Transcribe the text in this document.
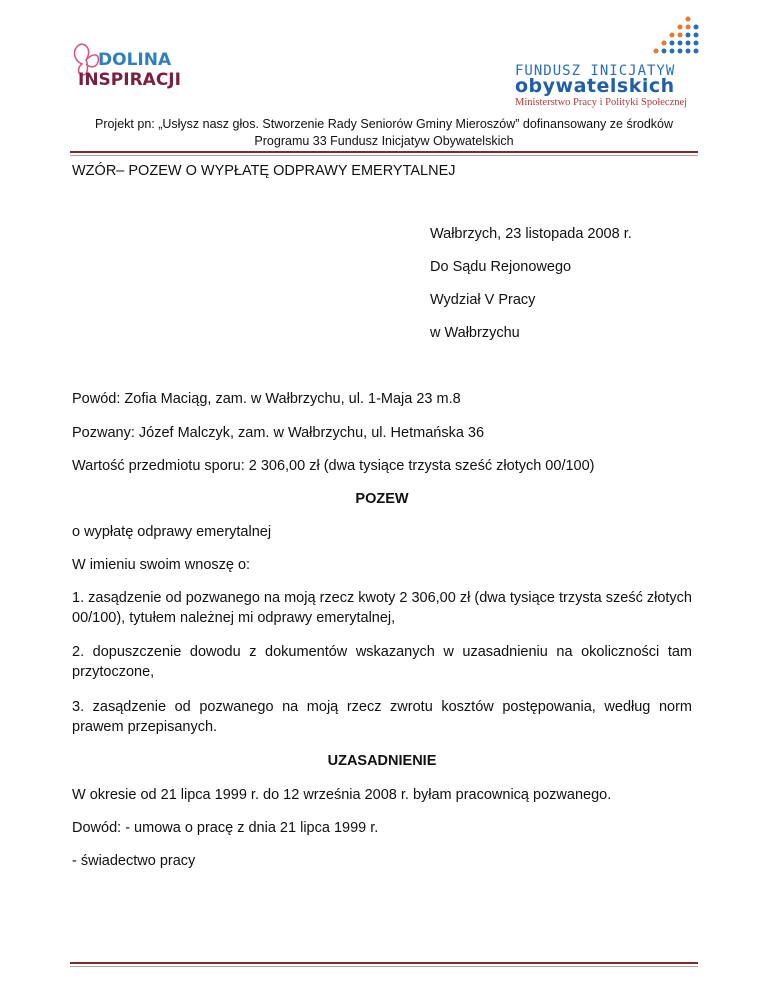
DOLINA
INSPIRACJI	FUNDUSZ INICJATYW
obywatelskich
Ministerstwo Pracy i Polityki Społecznej
Projekt pn: „Usłysz nasz głos. Stworzenie Rady Seniorów Gminy Mieroszów” dofinansowany ze środków
Programu 33 Fundusz Inicjatyw Obywatelskich
WZÓR– POZEW O WYPŁATĘ ODPRAWY EMERYTALNEJ
Wałbrzych, 23 listopada 2008 r.
Do Sądu Rejonowego
Wydział V Pracy
w Wałbrzychu
Powód: Zofia Maciąg, zam. w Wałbrzychu, ul. 1-Maja 23 m.8
Pozwany: Józef Malczyk, zam. w Wałbrzychu, ul. Hetmańska 36
Wartość przedmiotu sporu: 2 306,00 zł (dwa tysiące trzysta sześć złotych 00/100)
POZEW
o wypłatę odprawy emerytalnej
W imieniu swoim wnoszę o:
1. zasądzenie od pozwanego na moją rzecz kwoty 2 306,00 zł (dwa tysiące trzysta sześć złotych 00/100), tytułem należnej mi odprawy emerytalnej,
2. dopuszczenie dowodu z dokumentów wskazanych w uzasadnieniu na okoliczności tam przytoczone,
3. zasądzenie od pozwanego na moją rzecz zwrotu kosztów postępowania, według norm prawem przepisanych.
UZASADNIENIE
W okresie od 21 lipca 1999 r. do 12 września 2008 r. byłam pracownicą pozwanego.
Dowód: - umowa o pracę z dnia 21 lipca 1999 r.
- świadectwo pracy
